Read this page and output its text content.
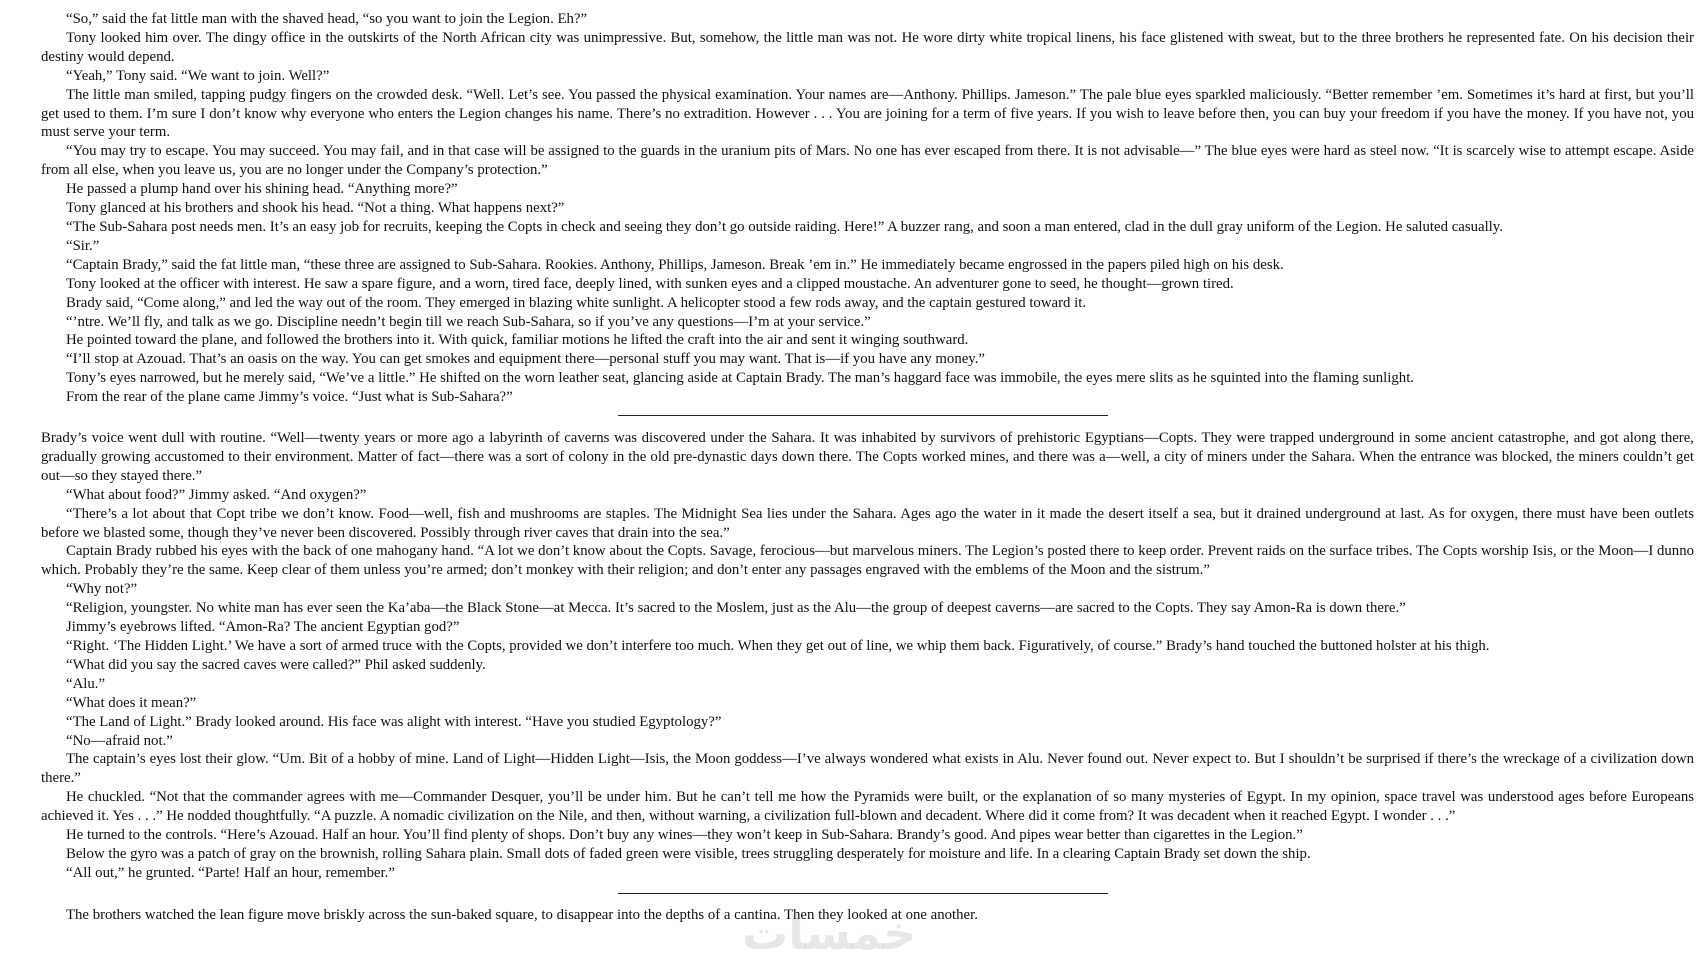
“So,” said the fat little man with the shaved head, “so you want to join the Legion. Eh?”

Tony looked him over. The dingy office in the outskirts of the North African city was unimpressive. But, somehow, the little man was not. He wore dirty white tropical linens, his face glistened with sweat, but to the three brothers he represented fate. On his decision their destiny would depend.

“Yeah,” Tony said. “We want to join. Well?”

The little man smiled, tapping pudgy fingers on the crowded desk. “Well. Let’s see. You passed the physical examination. Your names are—Anthony. Phillips. Jameson.” The pale blue eyes sparkled maliciously. “Better remember ’em. Sometimes it’s hard at first, but you’ll get used to them. I’m sure I don’t know why everyone who enters the Legion changes his name. There’s no extradition. However . . . You are joining for a term of five years. If you wish to leave before then, you can buy your freedom if you have the money. If you have not, you must serve your term.

“You may try to escape. You may succeed. You may fail, and in that case will be assigned to the guards in the uranium pits of Mars. No one has ever escaped from there. It is not advisable—” The blue eyes were hard as steel now. “It is scarcely wise to attempt escape. Aside from all else, when you leave us, you are no longer under the Company’s protection.”

He passed a plump hand over his shining head. “Anything more?”

Tony glanced at his brothers and shook his head. “Not a thing. What happens next?”

“The Sub-Sahara post needs men. It’s an easy job for recruits, keeping the Copts in check and seeing they don’t go outside raiding. Here!” A buzzer rang, and soon a man entered, clad in the dull gray uniform of the Legion. He saluted casually.

“Sir.”

“Captain Brady,” said the fat little man, “these three are assigned to Sub-Sahara. Rookies. Anthony, Phillips, Jameson. Break ’em in.” He immediately became engrossed in the papers piled high on his desk.

Tony looked at the officer with interest. He saw a spare figure, and a worn, tired face, deeply lined, with sunken eyes and a clipped moustache. An adventurer gone to seed, he thought—grown tired.

Brady said, “Come along,” and led the way out of the room. They emerged in blazing white sunlight. A helicopter stood a few rods away, and the captain gestured toward it.

“’ntre. We’ll fly, and talk as we go. Discipline needn’t begin till we reach Sub-Sahara, so if you’ve any questions—I’m at your service.”

He pointed toward the plane, and followed the brothers into it. With quick, familiar motions he lifted the craft into the air and sent it winging southward.

“I’ll stop at Azouad. That’s an oasis on the way. You can get smokes and equipment there—personal stuff you may want. That is—if you have any money.”

Tony’s eyes narrowed, but he merely said, “We’ve a little.” He shifted on the worn leather seat, glancing aside at Captain Brady. The man’s haggard face was immobile, the eyes mere slits as he squinted into the flaming sunlight.

From the rear of the plane came Jimmy’s voice. “Just what is Sub-Sahara?”

Brady’s voice went dull with routine. “Well—twenty years or more ago a labyrinth of caverns was discovered under the Sahara. It was inhabited by survivors of prehistoric Egyptians—Copts. They were trapped underground in some ancient catastrophe, and got along there, gradually growing accustomed to their environment. Matter of fact—there was a sort of colony in the old pre-dynastic days down there. The Copts worked mines, and there was a—well, a city of miners under the Sahara. When the entrance was blocked, the miners couldn’t get out—so they stayed there.”

“What about food?” Jimmy asked. “And oxygen?”

“There’s a lot about that Copt tribe we don’t know. Food—well, fish and mushrooms are staples. The Midnight Sea lies under the Sahara. Ages ago the water in it made the desert itself a sea, but it drained underground at last. As for oxygen, there must have been outlets before we blasted some, though they’ve never been discovered. Possibly through river caves that drain into the sea.”

Captain Brady rubbed his eyes with the back of one mahogany hand. “A lot we don’t know about the Copts. Savage, ferocious—but marvelous miners. The Legion’s posted there to keep order. Prevent raids on the surface tribes. The Copts worship Isis, or the Moon—I dunno which. Probably they’re the same. Keep clear of them unless you’re armed; don’t monkey with their religion; and don’t enter any passages engraved with the emblems of the Moon and the sistrum.”

“Why not?”

“Religion, youngster. No white man has ever seen the Ka’aba—the Black Stone—at Mecca. It’s sacred to the Moslem, just as the Alu—the group of deepest caverns—are sacred to the Copts. They say Amon-Ra is down there.”

Jimmy’s eyebrows lifted. “Amon-Ra? The ancient Egyptian god?”

“Right. ‘The Hidden Light.’ We have a sort of armed truce with the Copts, provided we don’t interfere too much. When they get out of line, we whip them back. Figuratively, of course.” Brady’s hand touched the buttoned holster at his thigh.

“What did you say the sacred caves were called?” Phil asked suddenly.

“Alu.”

“What does it mean?”

“The Land of Light.” Brady looked around. His face was alight with interest. “Have you studied Egyptology?”

“No—afraid not.”

The captain’s eyes lost their glow. “Um. Bit of a hobby of mine. Land of Light—Hidden Light—Isis, the Moon goddess—I’ve always wondered what exists in Alu. Never found out. Never expect to. But I shouldn’t be surprised if there’s the wreckage of a civilization down there.”

He chuckled. “Not that the commander agrees with me—Commander Desquer, you’ll be under him. But he can’t tell me how the Pyramids were built, or the explanation of so many mysteries of Egypt. In my opinion, space travel was understood ages before Europeans achieved it. Yes . . .” He nodded thoughtfully. “A puzzle. A nomadic civilization on the Nile, and then, without warning, a civilization full-blown and decadent. Where did it come from? It was decadent when it reached Egypt. I wonder . . .”

He turned to the controls. “Here’s Azouad. Half an hour. You’ll find plenty of shops. Don’t buy any wines—they won’t keep in Sub-Sahara. Brandy’s good. And pipes wear better than cigarettes in the Legion.”

Below the gyro was a patch of gray on the brownish, rolling Sahara plain. Small dots of faded green were visible, trees struggling desperately for moisture and life. In a clearing Captain Brady set down the ship.

“All out,” he grunted. “Parte! Half an hour, remember.”

The brothers watched the lean figure move briskly across the sun-baked square, to disappear into the depths of a cantina. Then they looked at one another.

خمسات
